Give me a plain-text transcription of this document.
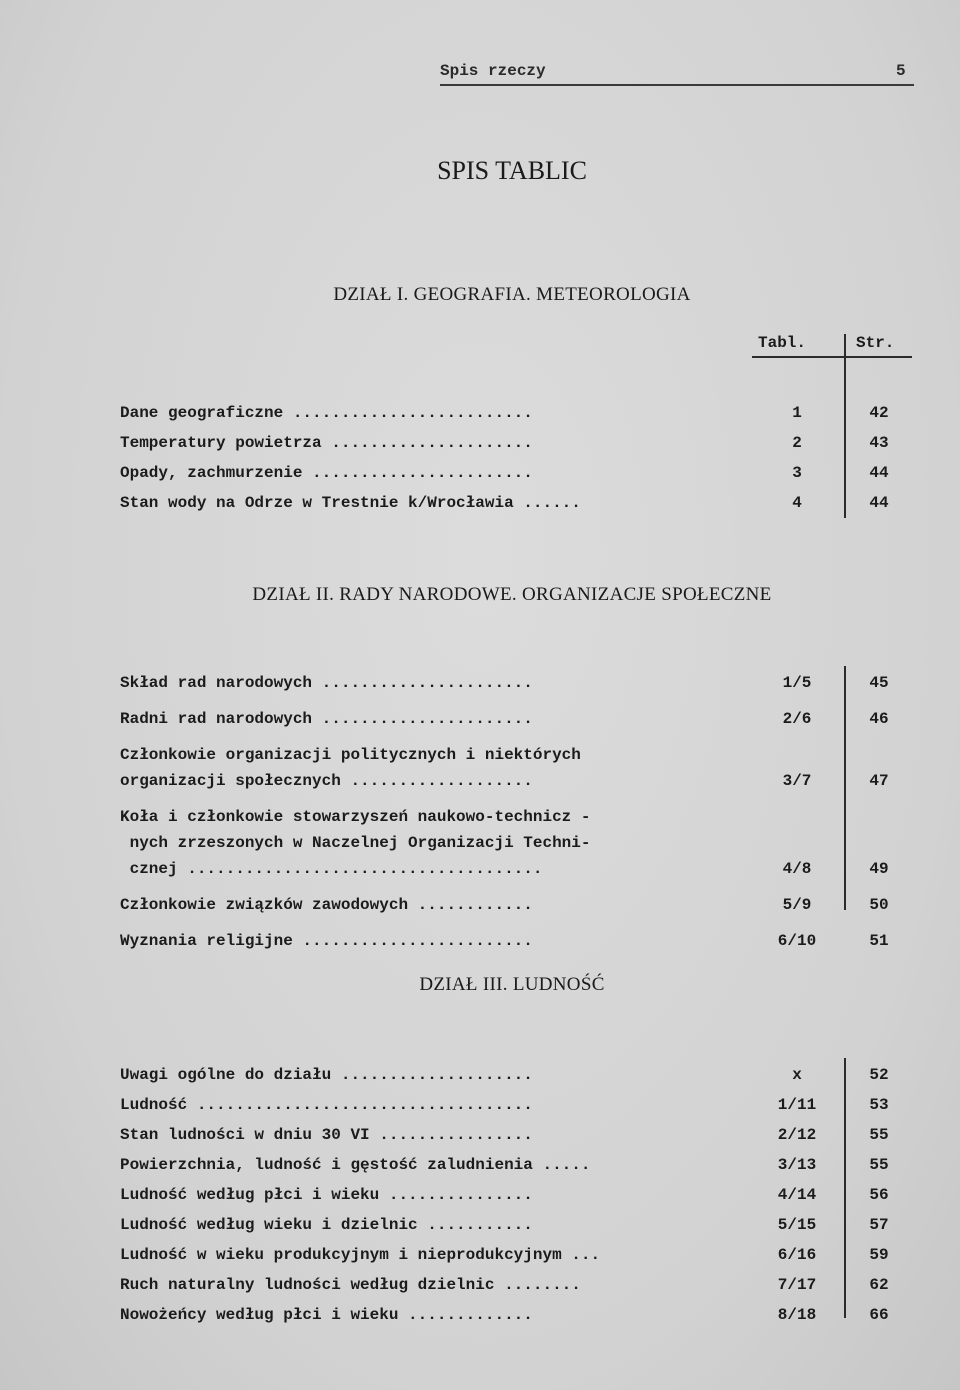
Spis rzeczy	5
SPIS TABLIC
DZIAŁ I. GEOGRAFIA. METEOROLOGIA
DZIAŁ II. RADY NARODOWE. ORGANIZACJE SPOŁECZNE
DZIAŁ III. LUDNOŚĆ
Tabl.	Str.
Dane geograficzne .........................	1	42
Temperatury powietrza .....................	2	43
Opady, zachmurzenie .......................	3	44
Stan wody na Odrze w Trestnie k/Wrocławia ......	4	44
Skład rad narodowych ......................	1/5	45
Radni rad narodowych ......................	2/6	46
Członkowie organizacji politycznych i niektórych
organizacji społecznych ...................	3/7	47
Koła i członkowie stowarzyszeń naukowo-technicz -
nych zrzeszonych w Naczelnej Organizacji Techni-
cznej .....................................	4/8	49
Członkowie związków zawodowych ............	5/9	50
Wyznania religijne ........................	6/10	51
Uwagi ogólne do działu ....................	x	52
Ludność ...................................	1/11	53
Stan ludności w dniu 30 VI ................	2/12	55
Powierzchnia, ludność i gęstość zaludnienia .....	3/13	55
Ludność według płci i wieku ...............	4/14	56
Ludność według wieku i dzielnic ...........	5/15	57
Ludność w wieku produkcyjnym i nieprodukcyjnym ...	6/16	59
Ruch naturalny ludności według dzielnic ........	7/17	62
Nowożeńcy według płci i wieku .............	8/18	66
